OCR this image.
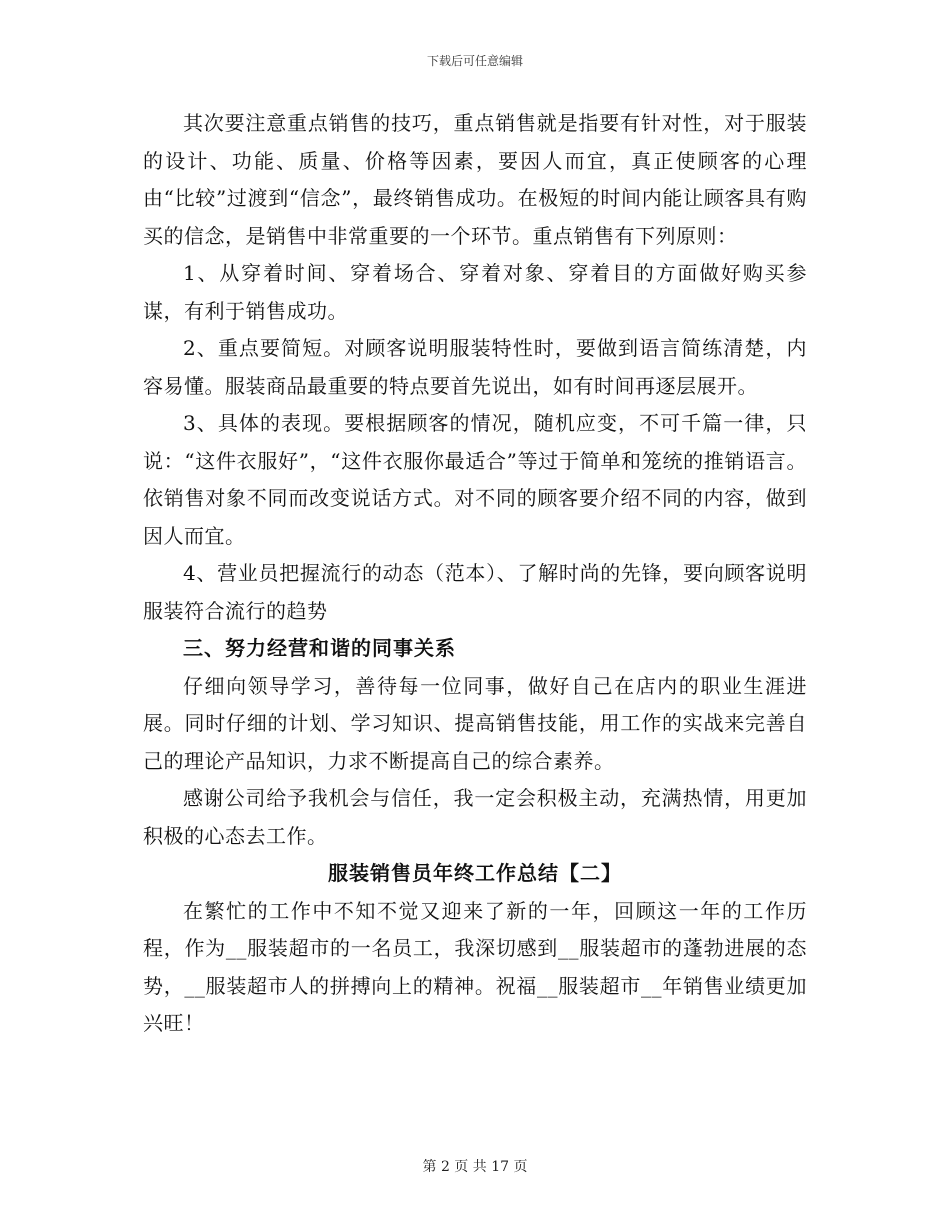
下载后可任意编辑

其次要注意重点销售的技巧，重点销售就是指要有针对性，对于服装的设计、功能、质量、价格等因素，要因人而宜，真正使顾客的心理由“比较”过渡到“信念”，最终销售成功。在极短的时间内能让顾客具有购买的信念，是销售中非常重要的一个环节。重点销售有下列原则：

1、从穿着时间、穿着场合、穿着对象、穿着目的方面做好购买参谋，有利于销售成功。

2、重点要简短。对顾客说明服装特性时，要做到语言简练清楚，内容易懂。服装商品最重要的特点要首先说出，如有时间再逐层展开。

3、具体的表现。要根据顾客的情况，随机应变，不可千篇一律，只说：“这件衣服好”，“这件衣服你最适合”等过于简单和笼统的推销语言。依销售对象不同而改变说话方式。对不同的顾客要介绍不同的内容，做到因人而宜。

4、营业员把握流行的动态（范本）、了解时尚的先锋，要向顾客说明服装符合流行的趋势

三、努力经营和谐的同事关系

仔细向领导学习，善待每一位同事，做好自己在店内的职业生涯进展。同时仔细的计划、学习知识、提高销售技能，用工作的实战来完善自己的理论产品知识，力求不断提高自己的综合素养。

感谢公司给予我机会与信任，我一定会积极主动，充满热情，用更加积极的心态去工作。

服装销售员年终工作总结【二】

在繁忙的工作中不知不觉又迎来了新的一年，回顾这一年的工作历程，作为__服装超市的一名员工，我深切感到__服装超市的蓬勃进展的态势，__服装超市人的拼搏向上的精神。祝福__服装超市__年销售业绩更加兴旺！

第 2 页 共 17 页
